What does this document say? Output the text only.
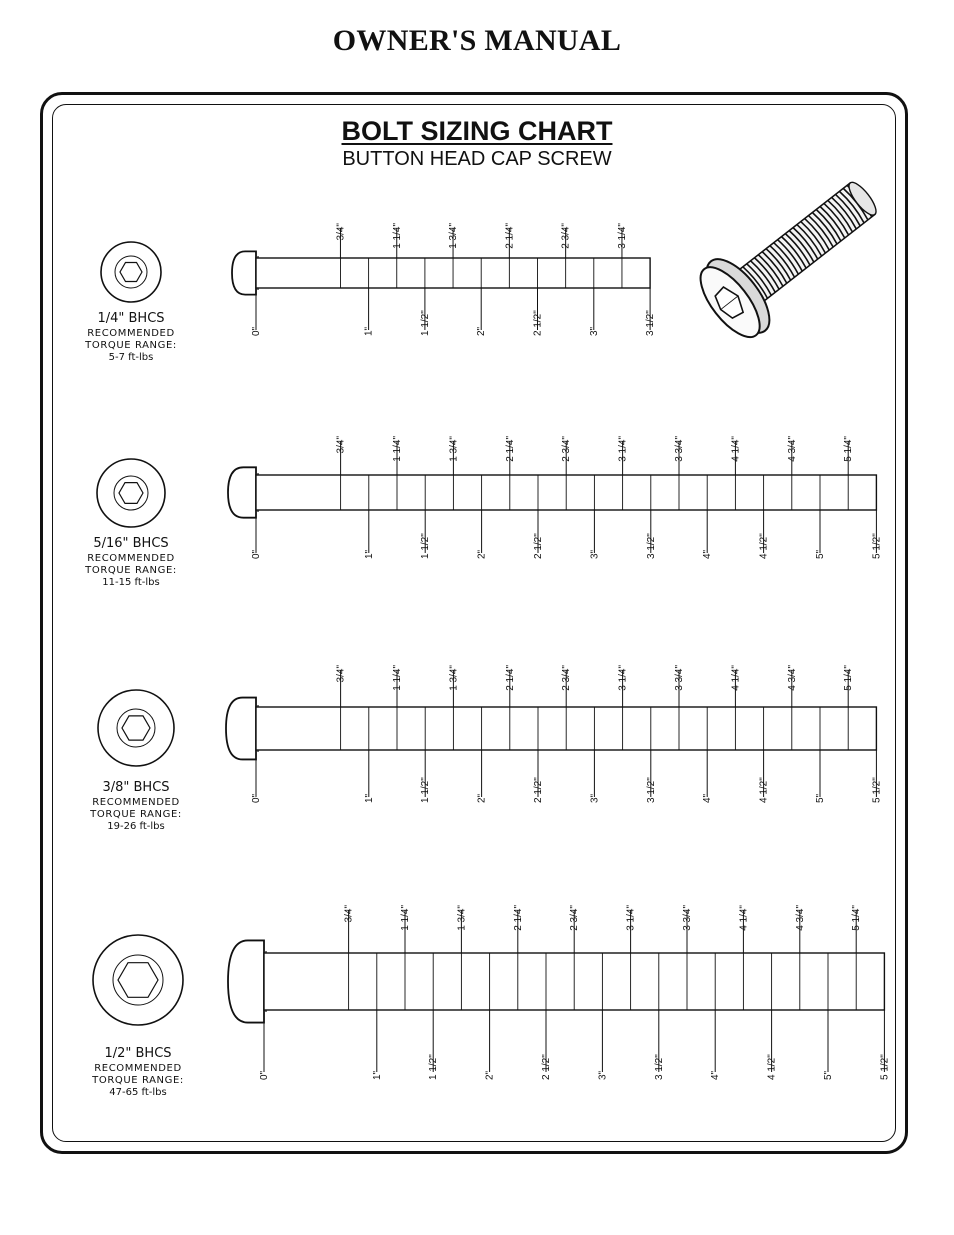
OWNER'S MANUAL
BOLT SIZING CHART
BUTTON HEAD CAP SCREW
1/4" BHCS
RECOMMENDED
TORQUE RANGE:
5-7 ft-lbs
3/4"	1 1/4"	1 3/4"	2 1/4"	2 3/4"	3 1/4"
0"	1"	1 1/2"	2"	2 1/2"	3"	3 1/2"
5/16" BHCS
RECOMMENDED
TORQUE RANGE:
11-15 ft-lbs
3/4"	1 1/4"	1 3/4"	2 1/4"	2 3/4"	3 1/4"	3 3/4"	4 1/4"	4 3/4"	5 1/4"
0"	1"	1 1/2"	2"	2 1/2"	3"	3 1/2"	4"	4 1/2"	5"	5 1/2"
3/8" BHCS
RECOMMENDED
TORQUE RANGE:
19-26 ft-lbs
3/4"	1 1/4"	1 3/4"	2 1/4"	2 3/4"	3 1/4"	3 3/4"	4 1/4"	4 3/4"	5 1/4"
0"	1"	1 1/2"	2"	2 1/2"	3"	3 1/2"	4"	4 1/2"	5"	5 1/2"
1/2" BHCS
RECOMMENDED
TORQUE RANGE:
47-65 ft-lbs
3/4"	1 1/4"	1 3/4"	2 1/4"	2 3/4"	3 1/4"	3 3/4"	4 1/4"	4 3/4"	5 1/4"
0"	1"	1 1/2"	2"	2 1/2"	3"	3 1/2"	4"	4 1/2"	5"	5 1/2"
